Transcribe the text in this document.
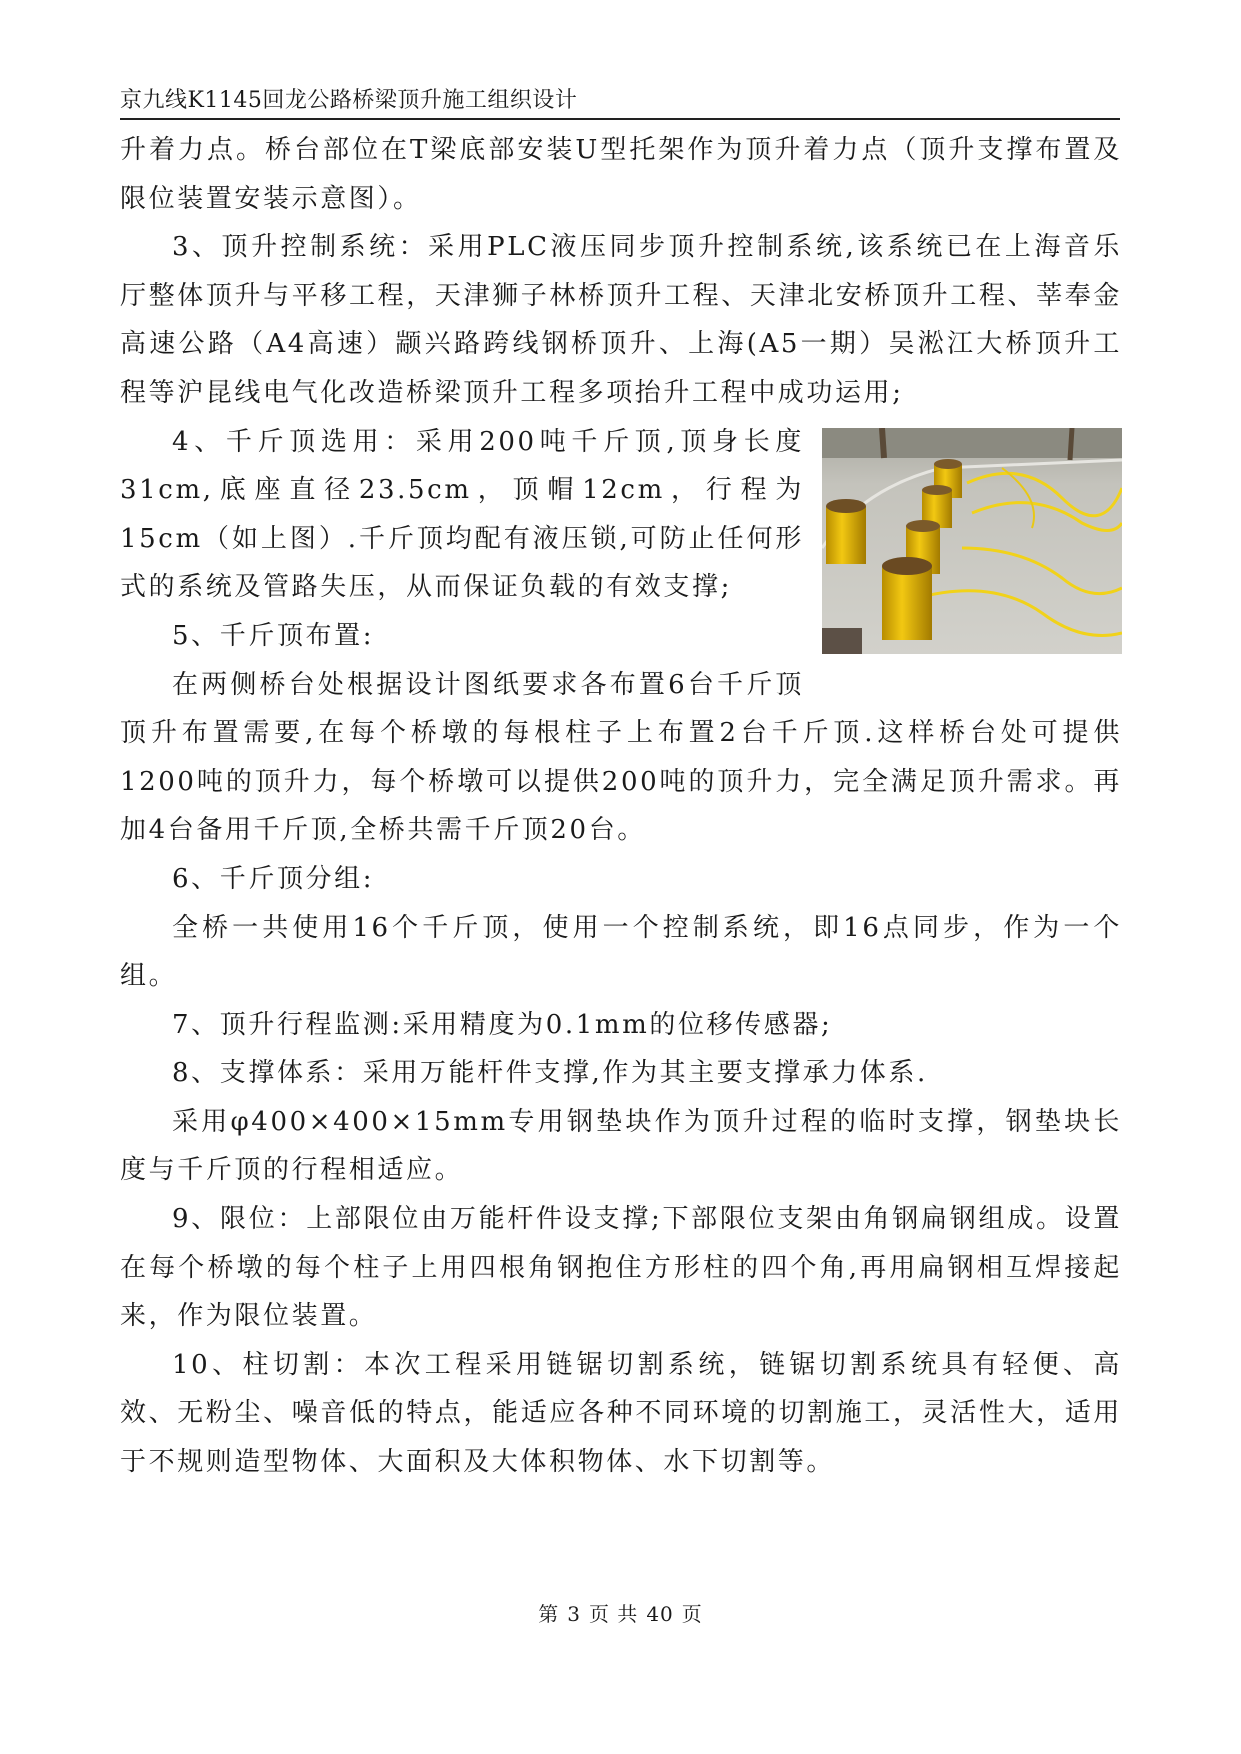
京九线K1145回龙公路桥梁顶升施工组织设计

升着力点。桥台部位在T梁底部安装U型托架作为顶升着力点（顶升支撑布置及限位装置安装示意图）。

3、顶升控制系统：采用PLC液压同步顶升控制系统,该系统已在上海音乐厅整体顶升与平移工程，天津狮子林桥顶升工程、天津北安桥顶升工程、莘奉金高速公路（A4高速）颛兴路跨线钢桥顶升、上海(A5一期）吴淞江大桥顶升工程等沪昆线电气化改造桥梁顶升工程多项抬升工程中成功运用;

4、千斤顶选用：采用200吨千斤顶,顶身长度31cm,底座直径23.5cm，顶帽12cm，行程为15cm（如上图）.千斤顶均配有液压锁,可防止任何形式的系统及管路失压，从而保证负载的有效支撑;

5、千斤顶布置:

在两侧桥台处根据设计图纸要求各布置6台千斤顶顶升布置需要,在每个桥墩的每根柱子上布置2台千斤顶.这样桥台处可提供1200吨的顶升力，每个桥墩可以提供200吨的顶升力，完全满足顶升需求。再加4台备用千斤顶,全桥共需千斤顶20台。

6、千斤顶分组:

全桥一共使用16个千斤顶，使用一个控制系统，即16点同步，作为一个组。

7、顶升行程监测:采用精度为0.1mm的位移传感器;

8、支撑体系：采用万能杆件支撑,作为其主要支撑承力体系.

采用φ400×400×15mm专用钢垫块作为顶升过程的临时支撑，钢垫块长度与千斤顶的行程相适应。

9、限位：上部限位由万能杆件设支撑;下部限位支架由角钢扁钢组成。设置在每个桥墩的每个柱子上用四根角钢抱住方形柱的四个角,再用扁钢相互焊接起来，作为限位装置。

10、柱切割：本次工程采用链锯切割系统，链锯切割系统具有轻便、高效、无粉尘、噪音低的特点，能适应各种不同环境的切割施工，灵活性大，适用于不规则造型物体、大面积及大体积物体、水下切割等。

第 3 页 共 40 页
